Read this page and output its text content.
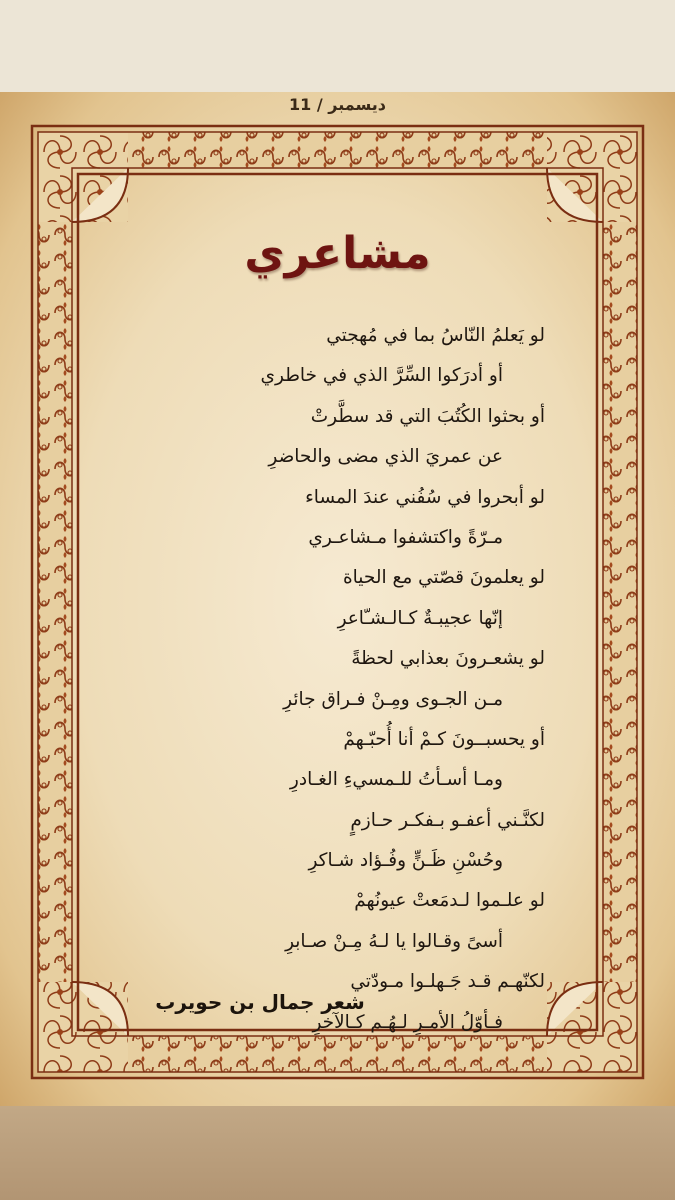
ديسمبر / 11
مشاعري
لو يَعلمُ النّاسُ بما في مُهجتي
أو أدرَكوا السِّرَّ الذي في خاطري
أو بحثوا الكُتُبَ التي قد سطَّرتْ
عن عمريَ الذي مضى والحاضرِ
لو أبحروا في سُفُني عندَ المساء
مـرّةً واكتشفوا مـشاعـري
لو يعلمونَ قصّتي مع الحياة
إنّها عجيبـةٌ كـالـشـّاعرِ
لو يشعـرونَ بعذابي لحظةً
مـن الجـوى ومِـنْ فـراق جائرِ
أو يحسبــونَ كـمْ أنا أُحبّـهمْ
ومـا أسـأتُ للـمسيءِ الغـادرِ
لكنَّـني أعفـو بـفكـر حـازمٍ
وحُسْنِ ظَـنٍّ وفُـؤاد شـاكرِ
لو علـموا لـدمَعتْ عيونُهمْ
أسىً وقـالوا يا لـهُ مِـنْ صـابرِ
لكنّهـم قـد جَـهلـوا مـودّتي
فـأوّلُ الأمـرِ لـهُـم كـالآخرِ
شعر جمال بن حويرب
